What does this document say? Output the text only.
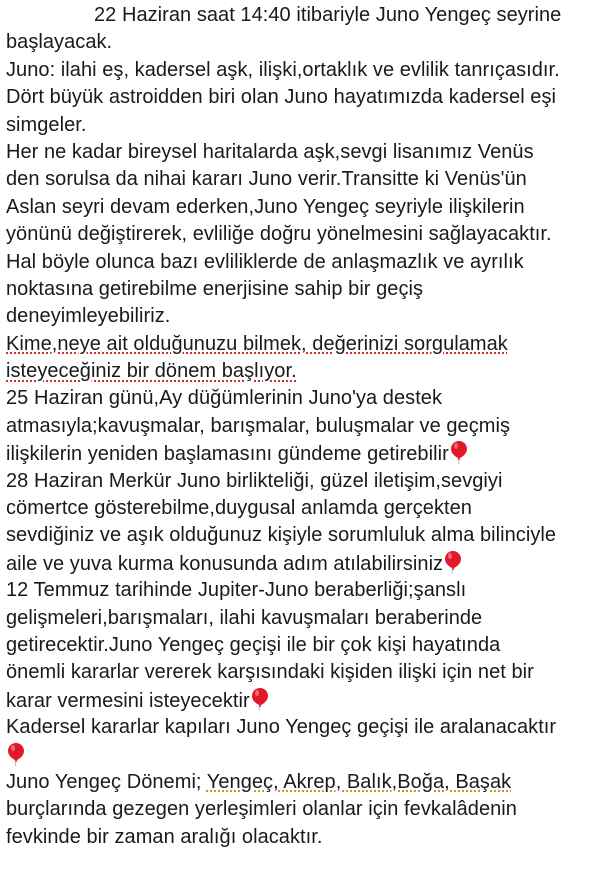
22 Haziran saat 14:40 itibariyle Juno Yengeç seyrine
başlayacak.
Juno: ilahi eş, kadersel aşk, ilişki,ortaklık ve evlilik tanrıçasıdır.
Dört büyük astroidden biri olan Juno hayatımızda kadersel eşi
simgeler.
Her ne kadar bireysel haritalarda aşk,sevgi lisanımız Venüs
den sorulsa da nihai kararı Juno verir.Transitte ki Venüs'ün
Aslan seyri devam ederken,Juno Yengeç seyriyle ilişkilerin
yönünü değiştirerek, evliliğe doğru yönelmesini sağlayacaktır.
Hal böyle olunca bazı evliliklerde de anlaşmazlık ve ayrılık
noktasına getirebilme enerjisine sahip bir geçiş
deneyimleyebiliriz.
Kime,neye ait olduğunuzu bilmek, değerinizi sorgulamak
isteyeceğiniz bir dönem başlıyor.
25 Haziran günü,Ay düğümlerinin Juno'ya destek
atmasıyla;kavuşmalar, barışmalar, buluşmalar ve geçmiş
ilişkilerin yeniden başlamasını gündeme getirebilir
28 Haziran Merkür Juno birlikteliği, güzel iletişim,sevgiyi
cömertce gösterebilme,duygusal anlamda gerçekten
sevdiğiniz ve aşık olduğunuz kişiyle sorumluluk alma bilinciyle
aile ve yuva kurma konusunda adım atılabilirsiniz
12 Temmuz tarihinde Jupiter-Juno beraberliği;şanslı
gelişmeleri,barışmaları, ilahi kavuşmaları beraberinde
getirecektir.Juno Yengeç geçişi ile bir çok kişi hayatında
önemli kararlar vererek karşısındaki kişiden ilişki için net bir
karar vermesini isteyecektir
Kadersel kararlar kapıları Juno Yengeç geçişi ile aralanacaktır
Juno Yengeç Dönemi; Yengeç, Akrep, Balık,Boğa, Başak
burçlarında gezegen yerleşimleri olanlar için fevkalâdenin
fevkinde bir zaman aralığı olacaktır.
